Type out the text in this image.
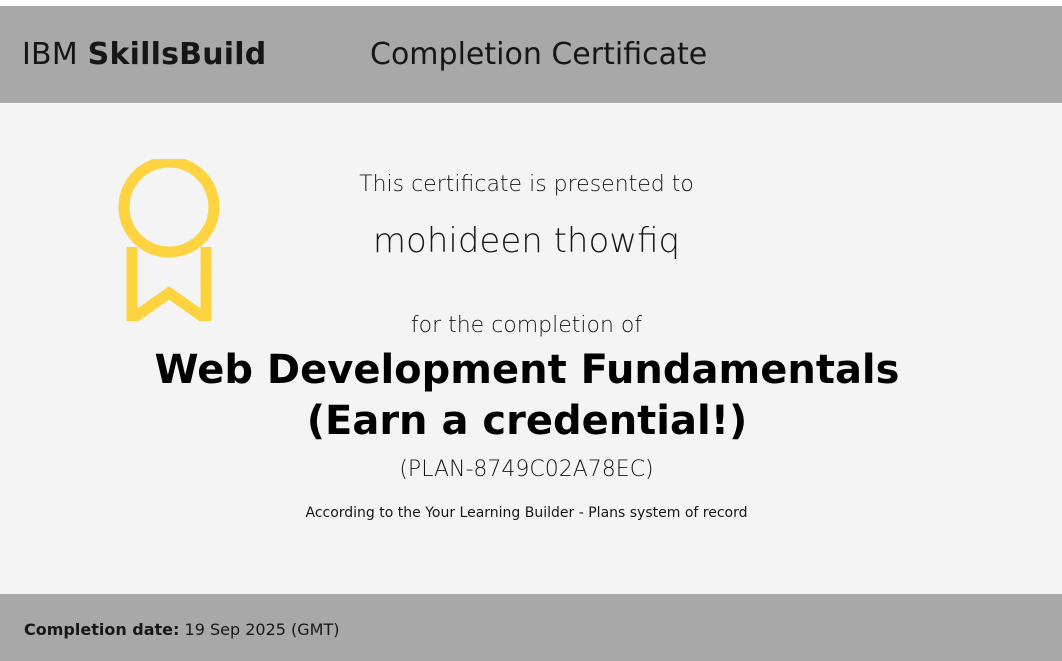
IBM SkillsBuild	Completion Certificate
This certificate is presented to
mohideen thowfiq
for the completion of
Web Development Fundamentals (Earn a credential!)
(PLAN-8749C02A78EC)
According to the Your Learning Builder - Plans system of record
Completion date: 19 Sep 2025 (GMT)
